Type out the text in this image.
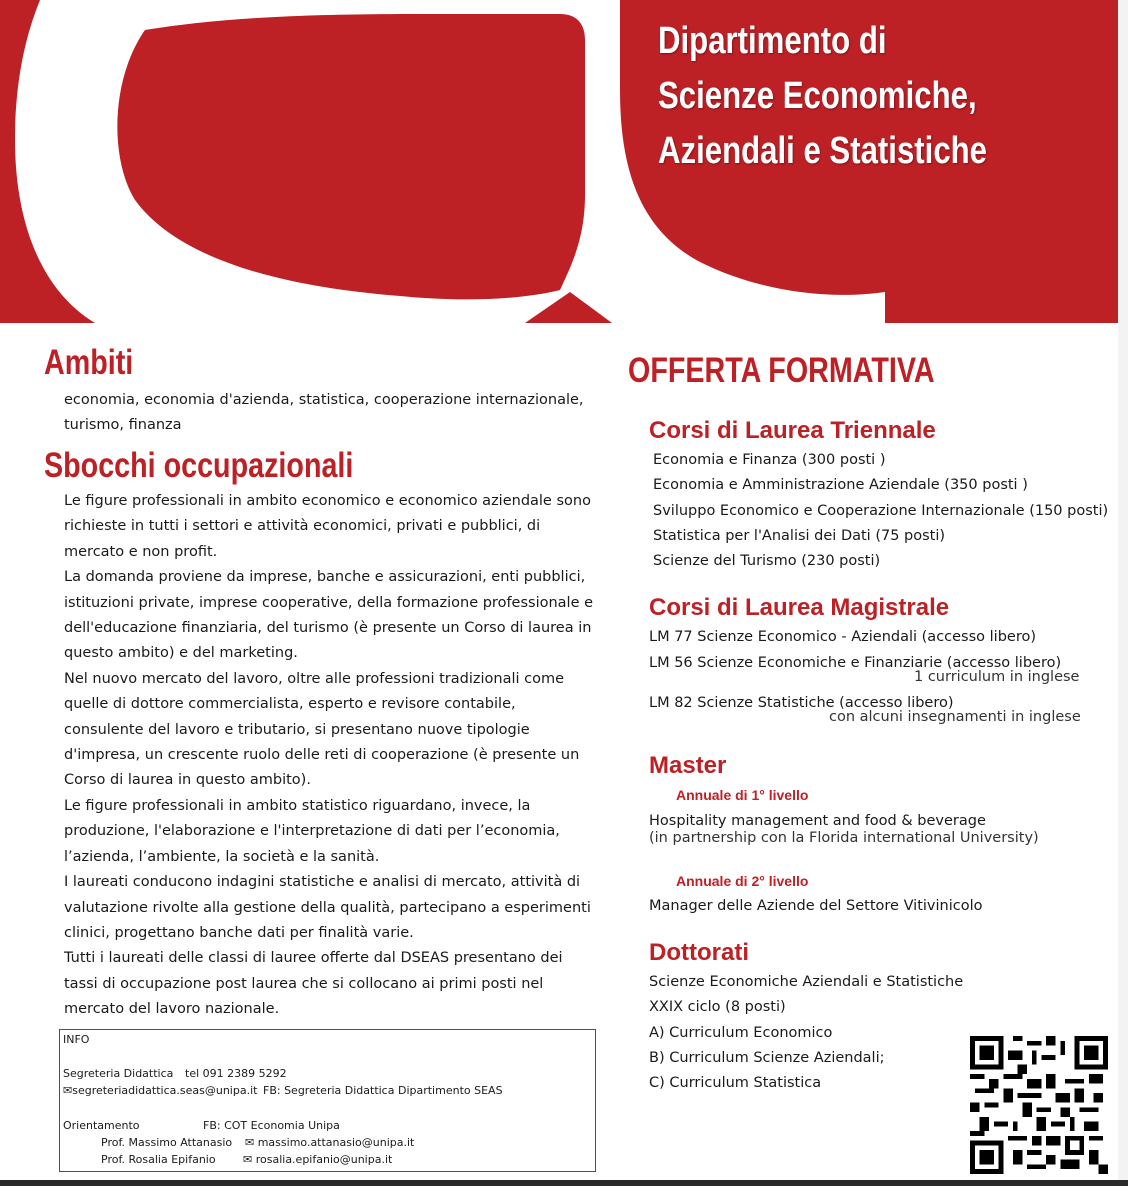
Dipartimento di
Scienze Economiche,
Aziendali e Statistiche
Ambiti
economia, economia d'azienda, statistica, cooperazione internazionale, turismo, finanza
Sbocchi occupazionali

Le figure professionali in ambito economico e economico aziendale sono richieste in tutti i settori e attività economici, privati e pubblici, di mercato e non profit.

La domanda proviene da imprese, banche e assicurazioni, enti pubblici, istituzioni private, imprese cooperative, della formazione professionale e dell'educazione finanziaria, del turismo (è presente un Corso di laurea in questo ambito) e del marketing.

Nel nuovo mercato del lavoro, oltre alle professioni tradizionali come quelle di dottore commercialista, esperto e revisore contabile, consulente del lavoro e tributario, si presentano nuove tipologie d'impresa, un crescente ruolo delle reti di cooperazione (è presente un Corso di laurea in questo ambito).

Le figure professionali in ambito statistico riguardano, invece, la produzione, l'elaborazione e l'interpretazione di dati per l’economia, l’azienda, l’ambiente, la società e la sanità.

I laureati conducono indagini statistiche e analisi di mercato, attività di valutazione rivolte alla gestione della qualità, partecipano a esperimenti clinici, progettano banche dati per finalità varie.

Tutti i laureati delle classi di lauree offerte dal DSEAS presentano dei tassi di occupazione post laurea che si collocano ai primi posti nel mercato del lavoro nazionale.

INFO
Segreteria Didattica tel 091 2389 5292
✉segreteriadidattica.seas@unipa.it FB: Segreteria Didattica Dipartimento SEAS
Orientamento	FB: COT Economia Unipa
Prof. Massimo Attanasio ✉ massimo.attanasio@unipa.it
Prof. Rosalia Epifanio ✉ rosalia.epifanio@unipa.it
OFFERTA FORMATIVA
Corsi di Laurea Triennale
Economia e Finanza (300 posti )
Economia e Amministrazione Aziendale (350 posti )
Sviluppo Economico e Cooperazione Internazionale (150 posti)
Statistica per l'Analisi dei Dati (75 posti)
Scienze del Turismo (230 posti)
Corsi di Laurea Magistrale
LM 77 Scienze Economico - Aziendali (accesso libero)
LM 56 Scienze Economiche e Finanziarie (accesso libero)
1 curriculum in inglese
LM 82 Scienze Statistiche (accesso libero)
con alcuni insegnamenti in inglese
Master
Annuale di 1° livello
Hospitality management and food & beverage
(in partnership con la Florida international University)
Annuale di 2° livello
Manager delle Aziende del Settore Vitivinicolo
Dottorati
Scienze Economiche Aziendali e Statistiche
XXIX ciclo (8 posti)
A) Curriculum Economico
B) Curriculum Scienze Aziendali;
C) Curriculum Statistica
